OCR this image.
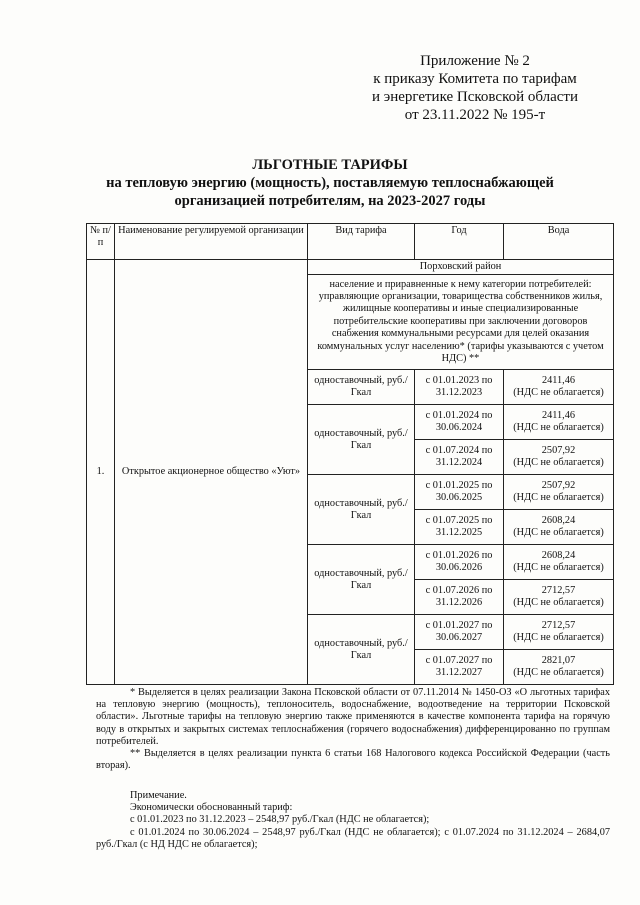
Приложение № 2
к приказу Комитета по тарифам
и энергетике Псковской области
от 23.11.2022 № 195-т
ЛЬГОТНЫЕ ТАРИФЫ
на тепловую энергию (мощность), поставляемую теплоснабжающей
организацией потребителям, на 2023-2027 годы
№ п/п	Наименование регулируемой организации	Вид тарифа	Год	Вода
1.	Открытое акционерное общество «Уют»	Порховский район		
		население и приравненные к нему категории потребителей: управляющие организации, товарищества собственников жилья, жилищные кооперативы и иные специализированные потребительские кооперативы при заключении договоров снабжения коммунальными ресурсами для целей оказания коммунальных услуг населению* (тарифы указываются с учетом НДС) **		
		одноставочный, руб./Гкал	с 01.01.2023 по 31.12.2023	2411,46
(НДС не облагается)
		одноставочный, руб./Гкал	с 01.01.2024 по 30.06.2024	2411,46
(НДС не облагается)
			с 01.07.2024 по 31.12.2024	2507,92
(НДС не облагается)
		одноставочный, руб./Гкал	с 01.01.2025 по 30.06.2025	2507,92
(НДС не облагается)
			с 01.07.2025 по 31.12.2025	2608,24
(НДС не облагается)
		одноставочный, руб./Гкал	с 01.01.2026 по 30.06.2026	2608,24
(НДС не облагается)
			с 01.07.2026 по 31.12.2026	2712,57
(НДС не облагается)
		одноставочный, руб./Гкал	с 01.01.2027 по 30.06.2027	2712,57
(НДС не облагается)
			с 01.07.2027 по 31.12.2027	2821,07
(НДС не облагается)

* Выделяется в целях реализации Закона Псковской области от 07.11.2014 № 1450-ОЗ «О льготных тарифах на тепловую энергию (мощность), теплоноситель, водоснабжение, водоотведение на территории Псковской области». Льготные тарифы на тепловую энергию также применяются в качестве компонента тарифа на горячую воду в открытых и закрытых системах теплоснабжения (горячего водоснабжения) дифференцированно по группам потребителей.

** Выделяется в целях реализации пункта 6 статьи 168 Налогового кодекса Российской Федерации (часть вторая).

Примечание.

Экономически обоснованный тариф:

с 01.01.2023 по 31.12.2023 – 2548,97 руб./Гкал (НДС не облагается);

с 01.01.2024 по 30.06.2024 – 2548,97 руб./Гкал (НДС не облагается); с 01.07.2024 по 31.12.2024 – 2684,07 руб./Гкал (с НД НДС не облагается);
